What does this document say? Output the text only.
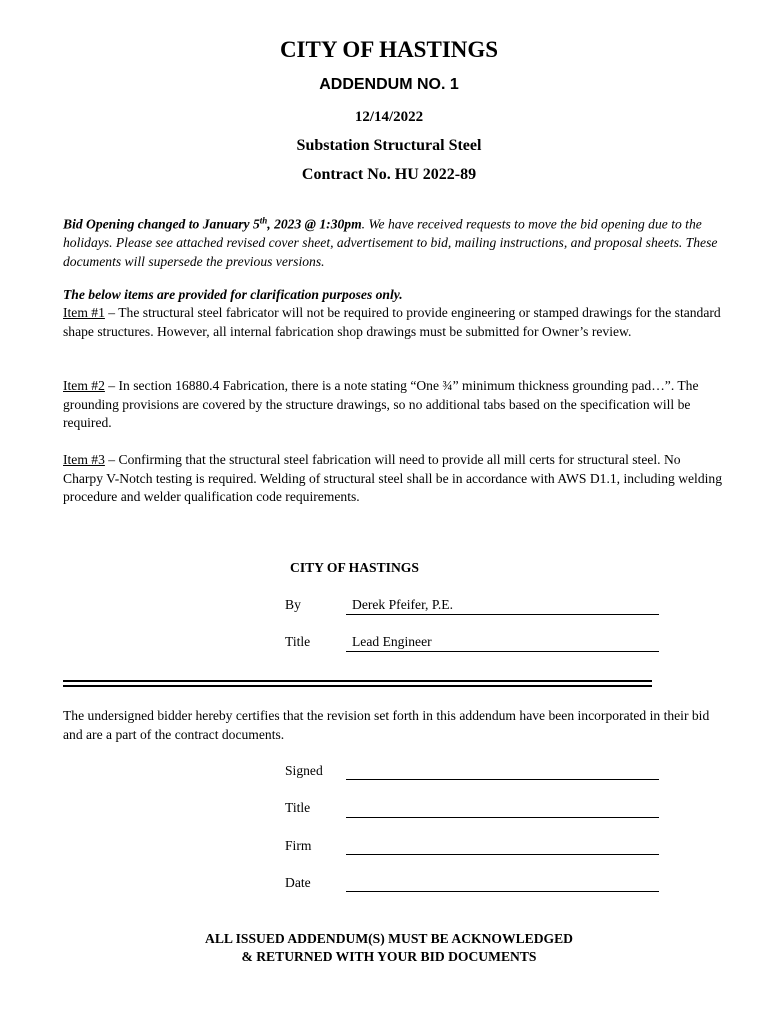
CITY OF HASTINGS
ADDENDUM NO. 1
12/14/2022
Substation Structural Steel
Contract No. HU 2022-89
Bid Opening changed to January 5th, 2023 @ 1:30pm. We have received requests to move the bid opening due to the holidays. Please see attached revised cover sheet, advertisement to bid, mailing instructions, and proposal sheets. These documents will supersede the previous versions.
The below items are provided for clarification purposes only.
Item #1 – The structural steel fabricator will not be required to provide engineering or stamped drawings for the standard shape structures. However, all internal fabrication shop drawings must be submitted for Owner’s review.
Item #2 – In section 16880.4 Fabrication, there is a note stating “One ¾” minimum thickness grounding pad…”. The grounding provisions are covered by the structure drawings, so no additional tabs based on the specification will be required.
Item #3 – Confirming that the structural steel fabrication will need to provide all mill certs for structural steel. No Charpy V-Notch testing is required. Welding of structural steel shall be in accordance with AWS D1.1, including welding procedure and welder qualification code requirements.
CITY OF HASTINGS
By	Derek Pfeifer, P.E.
Title	Lead Engineer
The undersigned bidder hereby certifies that the revision set forth in this addendum have been incorporated in their bid and are a part of the contract documents.
Signed
Title
Firm
Date
ALL ISSUED ADDENDUM(S) MUST BE ACKNOWLEDGED
& RETURNED WITH YOUR BID DOCUMENTS
